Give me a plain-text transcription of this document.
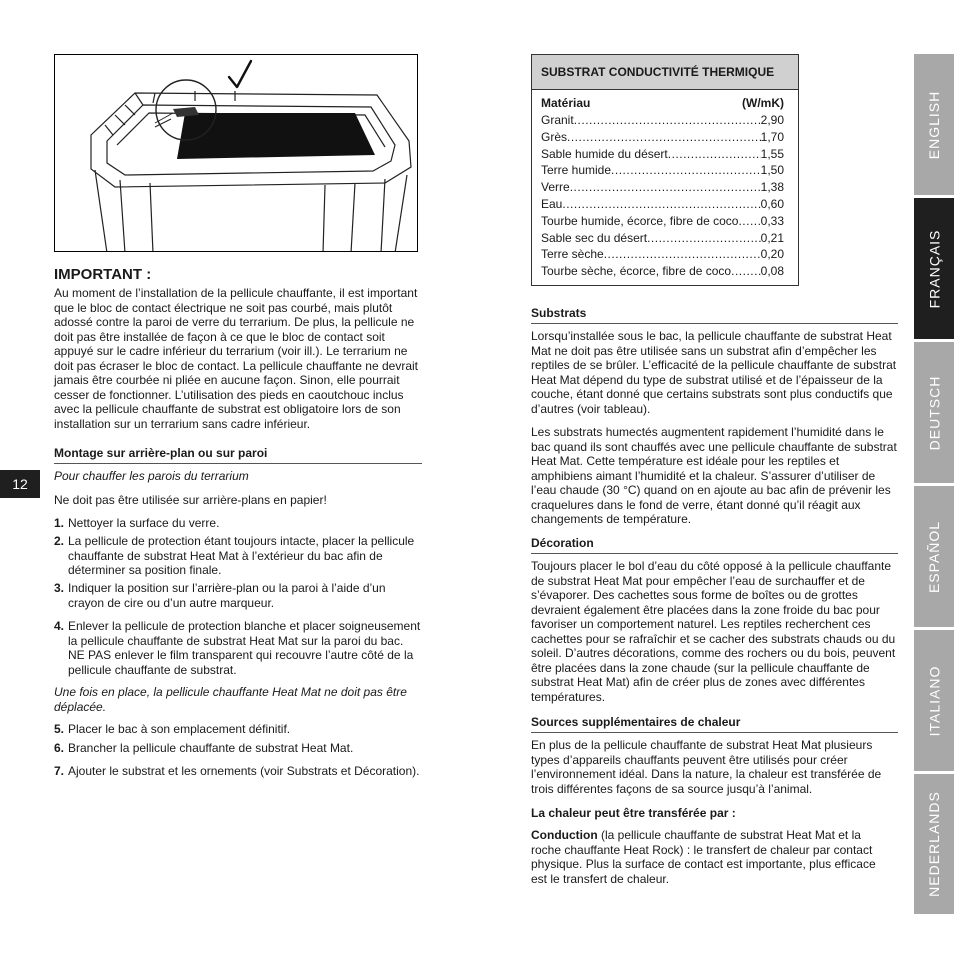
IMPORTANT :
Au moment de l’installation de la pellicule chauffante, il est important que le bloc de contact électrique ne soit pas courbé, mais plutôt adossé contre la paroi de verre du terrarium. De plus, la pellicule ne doit pas être installée de façon à ce que le bloc de contact soit appuyé sur le cadre inférieur du terrarium (voir ill.). Le terrarium ne doit pas écraser le bloc de contact. La pellicule chauffante ne devrait jamais être courbée ni pliée en aucune façon. Sinon, elle pourrait cesser de fonctionner. L’utilisation des pieds en caoutchouc inclus avec la pellicule chauffante de substrat est obligatoire lors de son installation sur un terrarium sans cadre inférieur.
Montage sur arrière-plan ou sur paroi
Pour chauffer les parois du terrarium
Ne doit pas être utilisée sur arrière-plans en papier!
1. Nettoyer la surface du verre.
2. La pellicule de protection étant toujours intacte, placer la pellicule chauffante de substrat Heat Mat à l’extérieur du bac afin de déterminer sa position finale.
3. Indiquer la position sur l’arrière-plan ou la paroi à l’aide d’un crayon de cire ou d’un autre marqueur.
4. Enlever la pellicule de protection blanche et placer soigneusement la pellicule chauffante de substrat Heat Mat sur la paroi du bac. NE PAS enlever le film transparent qui recouvre l’autre côté de la pellicule chauffante de substrat.
Une fois en place, la pellicule chauffante Heat Mat ne doit pas être déplacée.
5. Placer le bac à son emplacement définitif.
6. Brancher la pellicule chauffante de substrat Heat Mat.
7. Ajouter le substrat et les ornements (voir Substrats et Décoration).
12
SUBSTRAT CONDUCTIVITÉ THERMIQUE
Matériau	(W/mK)
Granit .....	2,90
Grès .....	1,70
Sable humide du désert .....	1,55
Terre humide .....	1,50
Verre .....	1,38
Eau .....	0,60
Tourbe humide, écorce, fibre de coco ..... 0,33
Sable sec du désert .....	0,21
Terre sèche .....	0,20
Tourbe sèche, écorce, fibre de coco ..... 0,08
Substrats
Lorsqu’installée sous le bac, la pellicule chauffante de substrat Heat Mat ne doit pas être utilisée sans un substrat afin d’empêcher les reptiles de se brûler. L’efficacité de la pellicule chauffante de substrat Heat Mat dépend du type de substrat utilisé et de l’épaisseur de la couche, étant donné que certains substrats sont plus conductifs que d’autres (voir tableau).
Les substrats humectés augmentent rapidement l’humidité dans le bac quand ils sont chauffés avec une pellicule chauffante de substrat Heat Mat. Cette température est idéale pour les reptiles et amphibiens aimant l’humidité et la chaleur. S’assurer d’utiliser de l’eau chaude (30 °C) quand on en ajoute au bac afin de prévenir les craquelures dans le fond de verre, étant donné qu’il réagit aux changements de température.
Décoration
Toujours placer le bol d’eau du côté opposé à la pellicule chauffante de substrat Heat Mat pour empêcher l’eau de surchauffer et de s’évaporer. Des cachettes sous forme de boîtes ou de grottes devraient également être placées dans la zone froide du bac pour favoriser un comportement naturel. Les reptiles recherchent ces cachettes pour se rafraîchir et se cacher des substrats chauds ou du soleil. D’autres décorations, comme des rochers ou du bois, peuvent être placées dans la zone chaude (sur la pellicule chauffante de substrat Heat Mat) afin de créer plus de zones avec différentes températures.
Sources supplémentaires de chaleur
En plus de la pellicule chauffante de substrat Heat Mat plusieurs types d’appareils chauffants peuvent être utilisés pour créer l’environnement idéal. Dans la nature, la chaleur est transférée de trois différentes façons de sa source jusqu’à l’animal.
La chaleur peut être transférée par :
Conduction (la pellicule chauffante de substrat Heat Mat et la roche chauffante Heat Rock) : le transfert de chaleur par contact physique. Plus la surface de contact est importante, plus efficace est le transfert de chaleur.
ENGLISH
FRANÇAIS
DEUTSCH
ESPAÑOL
ITALIANO
NEDERLANDS
